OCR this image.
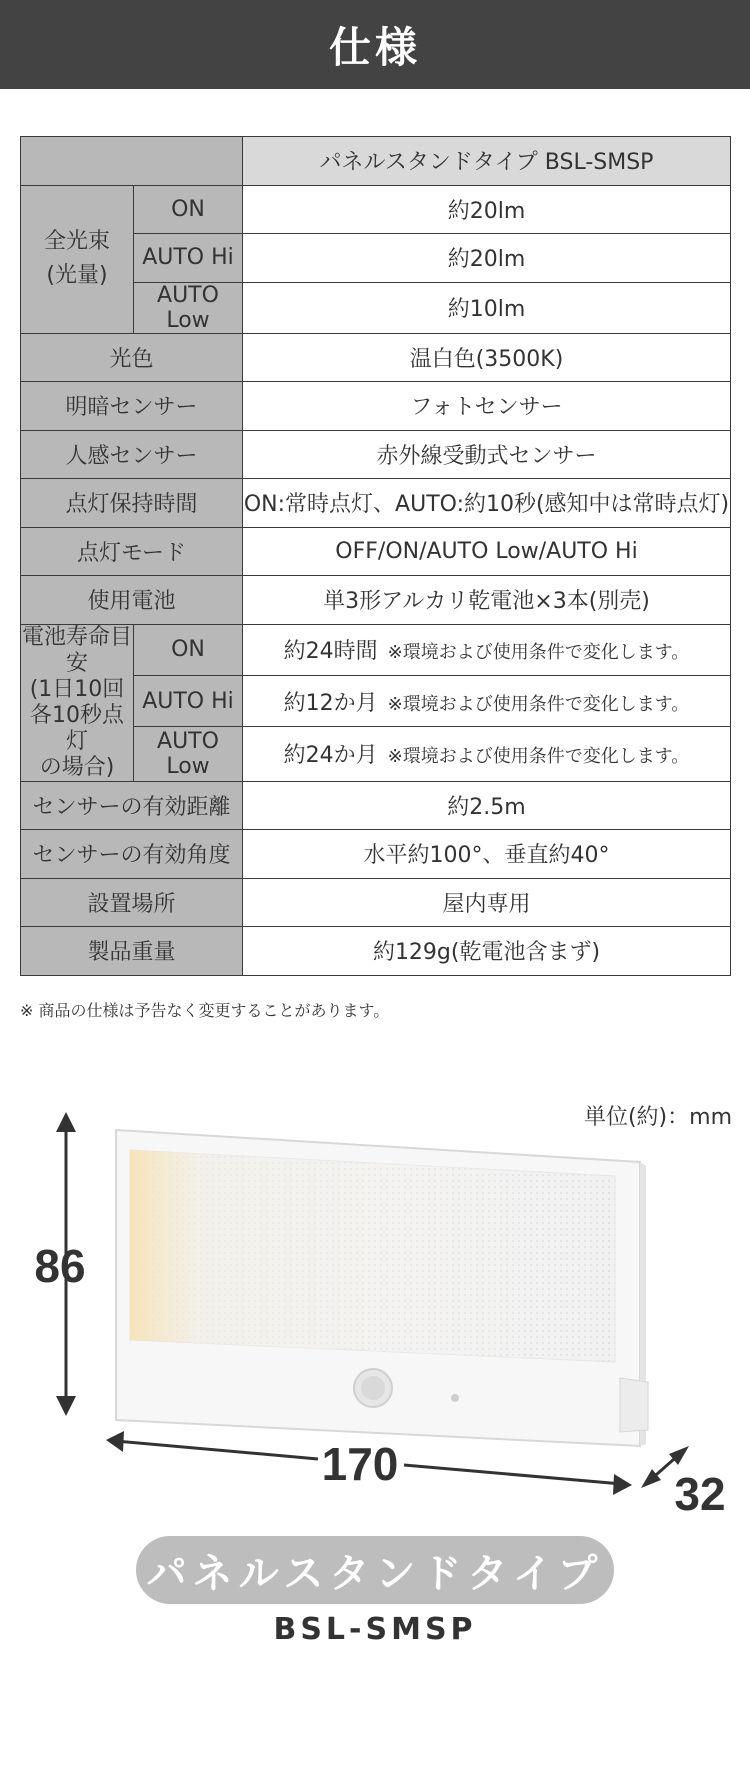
仕様
		パネルスタンドタイプ BSL-SMSP
全光束
(光量)	ON	約20lm
	AUTO Hi	約20lm
	AUTO Low	約10lm
光色		温白色(3500K)
明暗センサー		フォトセンサー
人感センサー		赤外線受動式センサー
点灯保持時間		ON:常時点灯、AUTO:約10秒(感知中は常時点灯)
点灯モード		OFF/ON/AUTO Low/AUTO Hi
使用電池		単3形アルカリ乾電池×3本(別売)
電池寿命目安
(1日10回
各10秒点灯
の場合)	ON	約24時間 ※環境および使用条件で変化します。
	AUTO Hi	約12か月 ※環境および使用条件で変化します。
	AUTO Low	約24か月 ※環境および使用条件で変化します。
センサーの有効距離		約2.5m
センサーの有効角度		水平約100°、垂直約40°
設置場所		屋内専用
製品重量		約129g(乾電池含まず)
※ 商品の仕様は予告なく変更することがあります。
単位(約)：mm
86
170
32
パネルスタンドタイプ
BSL-SMSP
